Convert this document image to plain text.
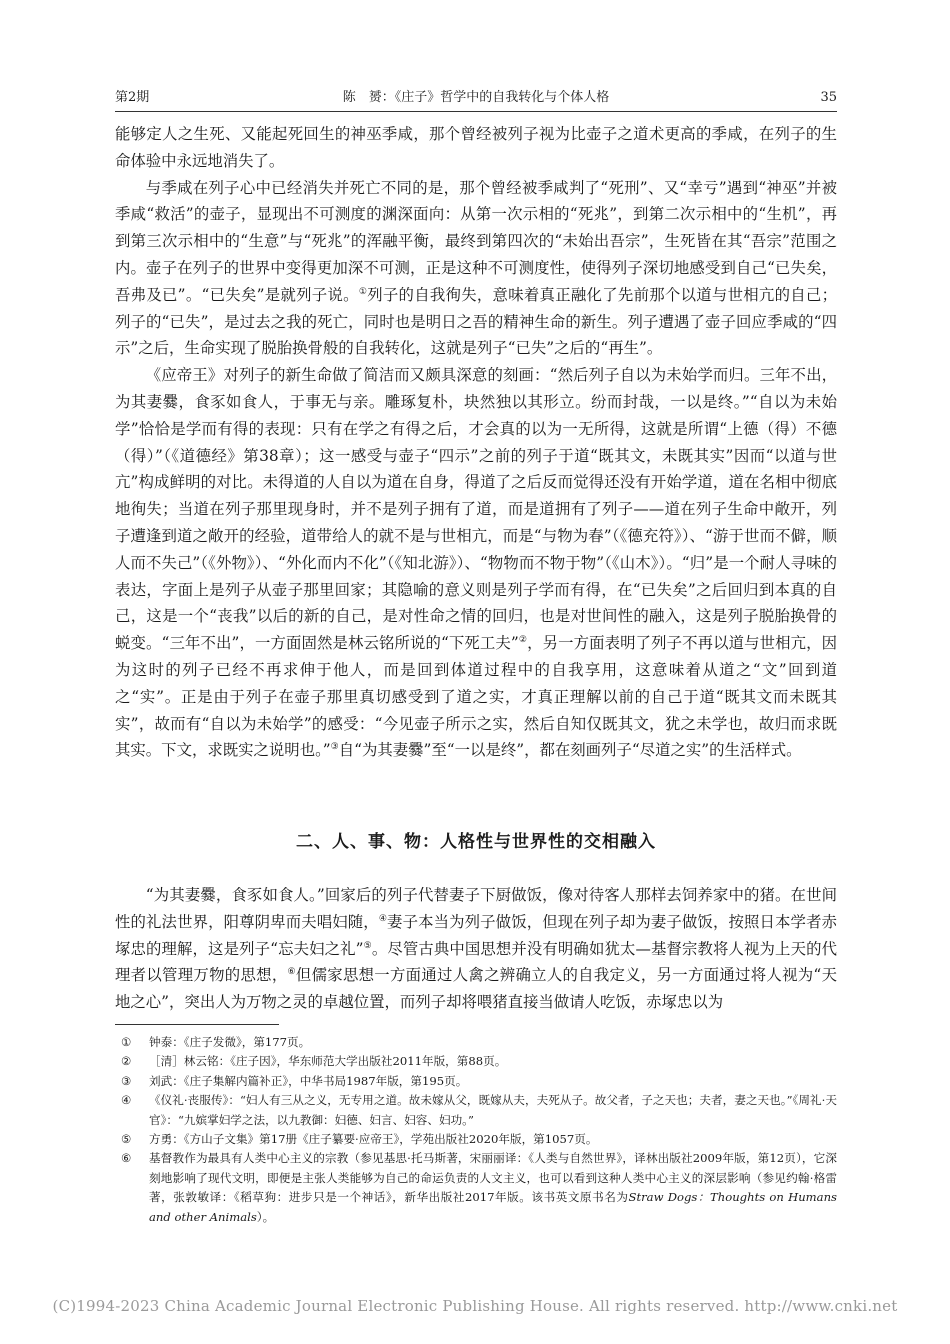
第2期	陈　赟：《庄子》哲学中的自我转化与个体人格	35

能够定人之生死、又能起死回生的神巫季咸，那个曾经被列子视为比壶子之道术更高的季咸，在列子的生命体验中永远地消失了。

与季咸在列子心中已经消失并死亡不同的是，那个曾经被季咸判了“死刑”、又“幸亏”遇到“神巫”并被季咸“救活”的壶子，显现出不可测度的渊深面向：从第一次示相的“死兆”，到第二次示相中的“生机”，再到第三次示相中的“生意”与“死兆”的浑融平衡，最终到第四次的“未始出吾宗”，生死皆在其“吾宗”范围之内。壶子在列子的世界中变得更加深不可测，正是这种不可测度性，使得列子深切地感受到自己“已失矣，吾弗及已”。“已失矣”是就列子说。①列子的自我徇失，意味着真正融化了先前那个以道与世相亢的自己；列子的“已失”，是过去之我的死亡，同时也是明日之吾的精神生命的新生。列子遭遇了壶子回应季咸的“四示”之后，生命实现了脱胎换骨般的自我转化，这就是列子“已失”之后的“再生”。

《应帝王》对列子的新生命做了简洁而又颇具深意的刻画：“然后列子自以为未始学而归。三年不出，为其妻爨，食豕如食人，于事无与亲。雕琢复朴，块然独以其形立。纷而封哉，一以是终。”“自以为未始学”恰恰是学而有得的表现：只有在学之有得之后，才会真的以为一无所得，这就是所谓“上德（得）不德（得）”（《道德经》第38章）；这一感受与壶子“四示”之前的列子于道“既其文，未既其实”因而“以道与世亢”构成鲜明的对比。未得道的人自以为道在自身，得道了之后反而觉得还没有开始学道，道在名相中彻底地徇失；当道在列子那里现身时，并不是列子拥有了道，而是道拥有了列子——道在列子生命中敞开，列子遭逢到道之敞开的经验，道带给人的就不是与世相亢，而是“与物为春”（《德充符》）、“游于世而不僻，顺人而不失己”（《外物》）、“外化而内不化”（《知北游》）、“物物而不物于物”（《山木》）。“归”是一个耐人寻味的表达，字面上是列子从壶子那里回家；其隐喻的意义则是列子学而有得，在“已失矣”之后回归到本真的自己，这是一个“丧我”以后的新的自己，是对性命之情的回归，也是对世间性的融入，这是列子脱胎换骨的蜕变。“三年不出”，一方面固然是林云铭所说的“下死工夫”②，另一方面表明了列子不再以道与世相亢，因为这时的列子已经不再求伸于他人，而是回到体道过程中的自我享用，这意味着从道之“文”回到道之“实”。正是由于列子在壶子那里真切感受到了道之实，才真正理解以前的自己于道“既其文而未既其实”，故而有“自以为未始学”的感受：“今见壶子所示之实，然后自知仅既其文，犹之未学也，故归而求既其实。下文，求既实之说明也。”③自“为其妻爨”至“一以是终”，都在刻画列子“尽道之实”的生活样式。

二、人、事、物：人格性与世界性的交相融入

“为其妻爨，食豕如食人。”回家后的列子代替妻子下厨做饭，像对待客人那样去饲养家中的猪。在世间性的礼法世界，阳尊阴卑而夫唱妇随，④妻子本当为列子做饭，但现在列子却为妻子做饭，按照日本学者赤塚忠的理解，这是列子“忘夫妇之礼”⑤。尽管古典中国思想并没有明确如犹太—基督宗教将人视为上天的代理者以管理万物的思想，⑥但儒家思想一方面通过人禽之辨确立人的自我定义，另一方面通过将人视为“天地之心”，突出人为万物之灵的卓越位置，而列子却将喂猪直接当做请人吃饭，赤塚忠以为

①	钟泰：《庄子发微》，第177页。
②	［清］林云铭：《庄子因》，华东师范大学出版社2011年版，第88页。
③	刘武：《庄子集解内篇补正》，中华书局1987年版，第195页。
④	《仪礼·丧服传》：“妇人有三从之义，无专用之道。故未嫁从父，既嫁从夫，夫死从子。故父者，子之天也；夫者，妻之天也。”《周礼·天官》：“九嫔掌妇学之法，以九教御：妇德、妇言、妇容、妇功。”
⑤	方勇：《方山子文集》第17册《庄子纂要·应帝王》，学苑出版社2020年版，第1057页。
⑥	基督教作为最具有人类中心主义的宗教（参见基思·托马斯著，宋丽丽译：《人类与自然世界》，译林出版社2009年版，第12页），它深刻地影响了现代文明，即便是主张人类能够为自己的命运负责的人文主义，也可以看到这种人类中心主义的深层影响（参见约翰·格雷著，张敦敏译：《稻草狗：进步只是一个神话》，新华出版社2017年版。该书英文原书名为Straw Dogs：Thoughts on Humans and other Animals）。
(C)1994-2023 China Academic Journal Electronic Publishing House. All rights reserved. http://www.cnki.net
